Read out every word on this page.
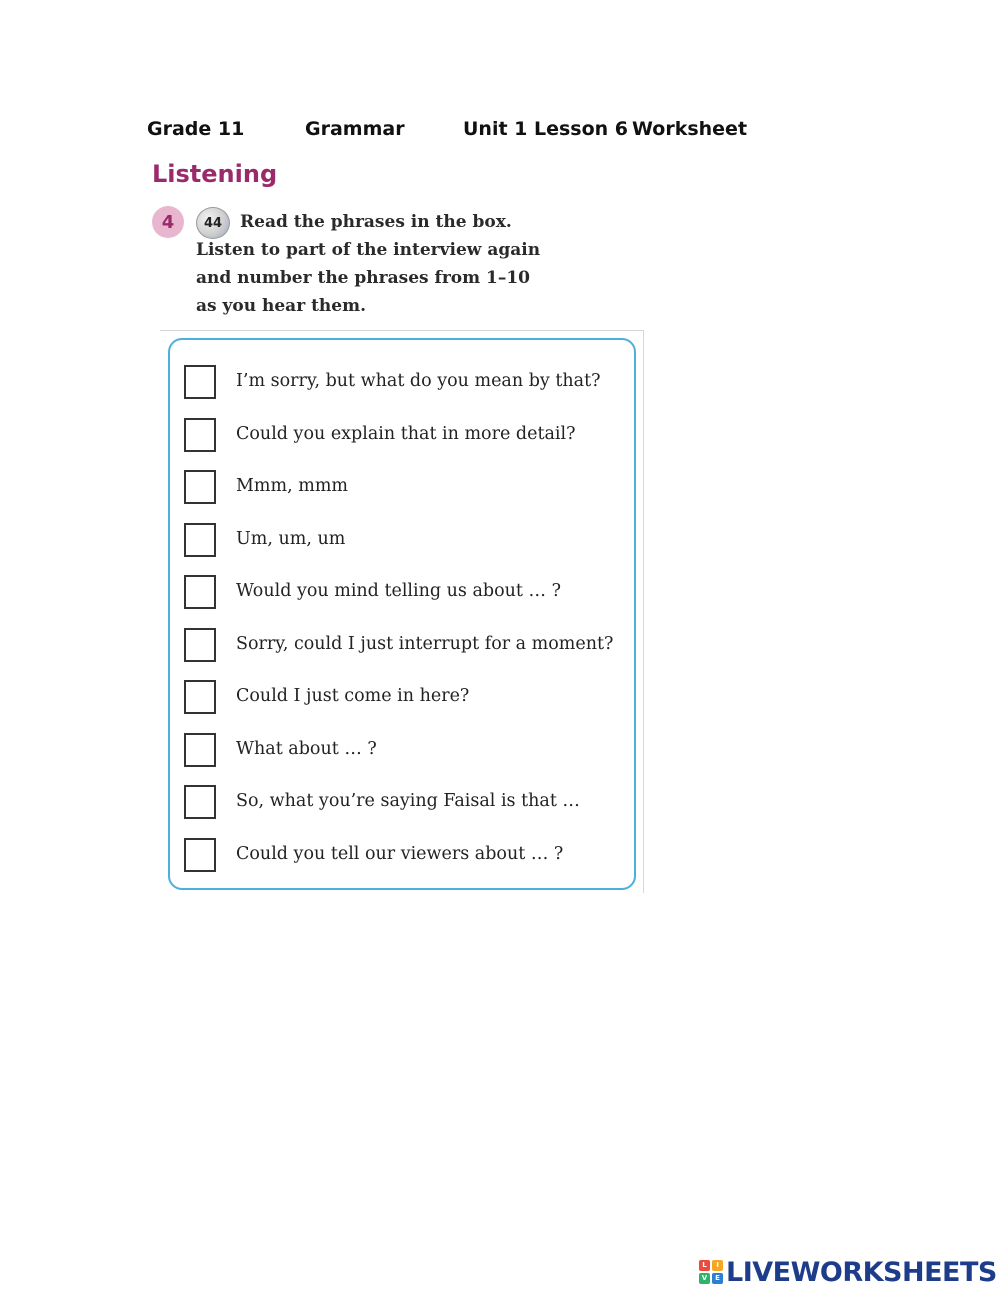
Grade 11	Grammar	Unit 1 Lesson 6 Worksheet
Listening
4	44	Read the phrases in the box.
Listen to part of the interview again
and number the phrases from 1–10
as you hear them.
I’m sorry, but what do you mean by that?
Could you explain that in more detail?
Mmm, mmm
Um, um, um
Would you mind telling us about … ?
Sorry, could I just interrupt for a moment?
Could I just come in here?
What about … ?
So, what you’re saying Faisal is that …
Could you tell our viewers about … ?
L	I
V	E LIVEWORKSHEETS
